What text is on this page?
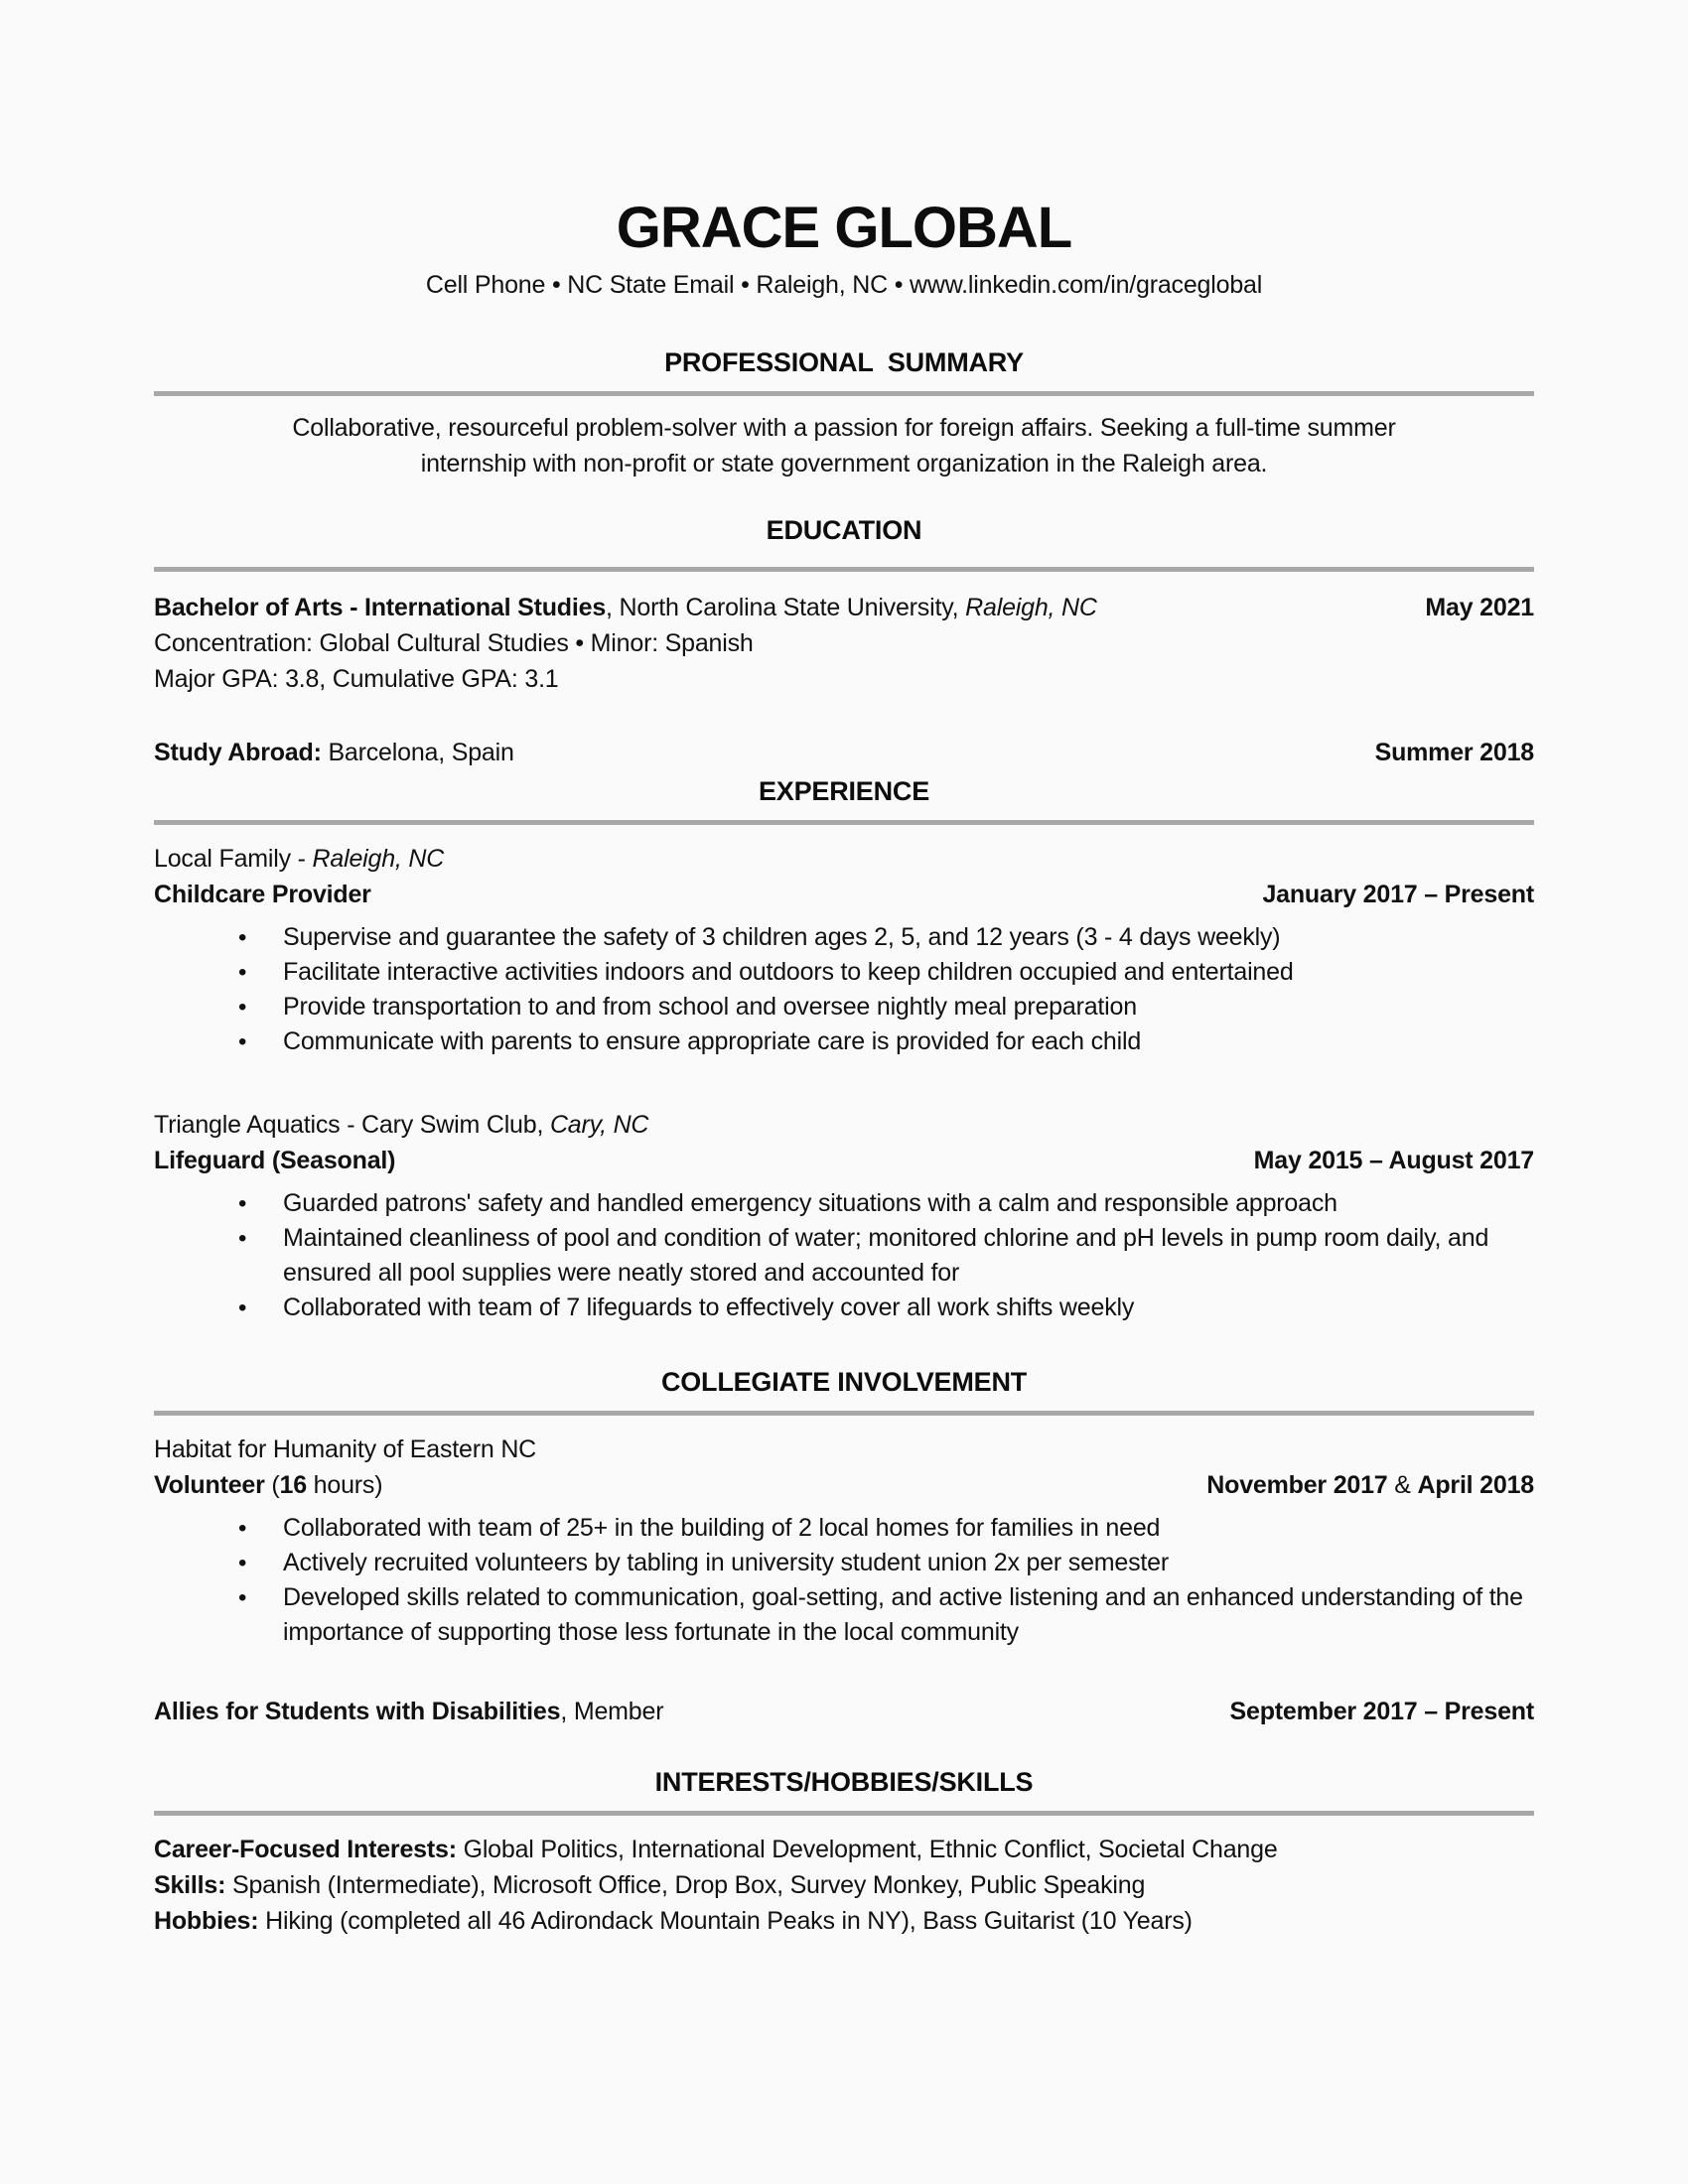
GRACE GLOBAL
Cell Phone • NC State Email • Raleigh, NC • www.linkedin.com/in/graceglobal
PROFESSIONAL  SUMMARY
Collaborative, resourceful problem-solver with a passion for foreign affairs. Seeking a full-time summer internship with non-profit or state government organization in the Raleigh area.
EDUCATION
Bachelor of Arts - International Studies, North Carolina State University, Raleigh, NC	May 2021
Concentration: Global Cultural Studies • Minor: Spanish
Major GPA: 3.8, Cumulative GPA: 3.1
Study Abroad: Barcelona, Spain	Summer 2018
EXPERIENCE
Local Family - Raleigh, NC
Childcare Provider	January 2017 – Present
• Supervise and guarantee the safety of 3 children ages 2, 5, and 12 years (3 - 4 days weekly)
• Facilitate interactive activities indoors and outdoors to keep children occupied and entertained
• Provide transportation to and from school and oversee nightly meal preparation
• Communicate with parents to ensure appropriate care is provided for each child
Triangle Aquatics - Cary Swim Club, Cary, NC
Lifeguard (Seasonal)	May 2015 – August 2017
• Guarded patrons' safety and handled emergency situations with a calm and responsible approach
• Maintained cleanliness of pool and condition of water; monitored chlorine and pH levels in pump room daily, and ensured all pool supplies were neatly stored and accounted for
• Collaborated with team of 7 lifeguards to effectively cover all work shifts weekly
COLLEGIATE INVOLVEMENT
Habitat for Humanity of Eastern NC
Volunteer (16 hours)	November 2017 & April 2018
• Collaborated with team of 25+ in the building of 2 local homes for families in need
• Actively recruited volunteers by tabling in university student union 2x per semester
• Developed skills related to communication, goal-setting, and active listening and an enhanced understanding of the importance of supporting those less fortunate in the local community
Allies for Students with Disabilities, Member	September 2017 – Present
INTERESTS/HOBBIES/SKILLS
Career-Focused Interests: Global Politics, International Development, Ethnic Conflict, Societal Change
Skills: Spanish (Intermediate), Microsoft Office, Drop Box, Survey Monkey, Public Speaking
Hobbies: Hiking (completed all 46 Adirondack Mountain Peaks in NY), Bass Guitarist (10 Years)
